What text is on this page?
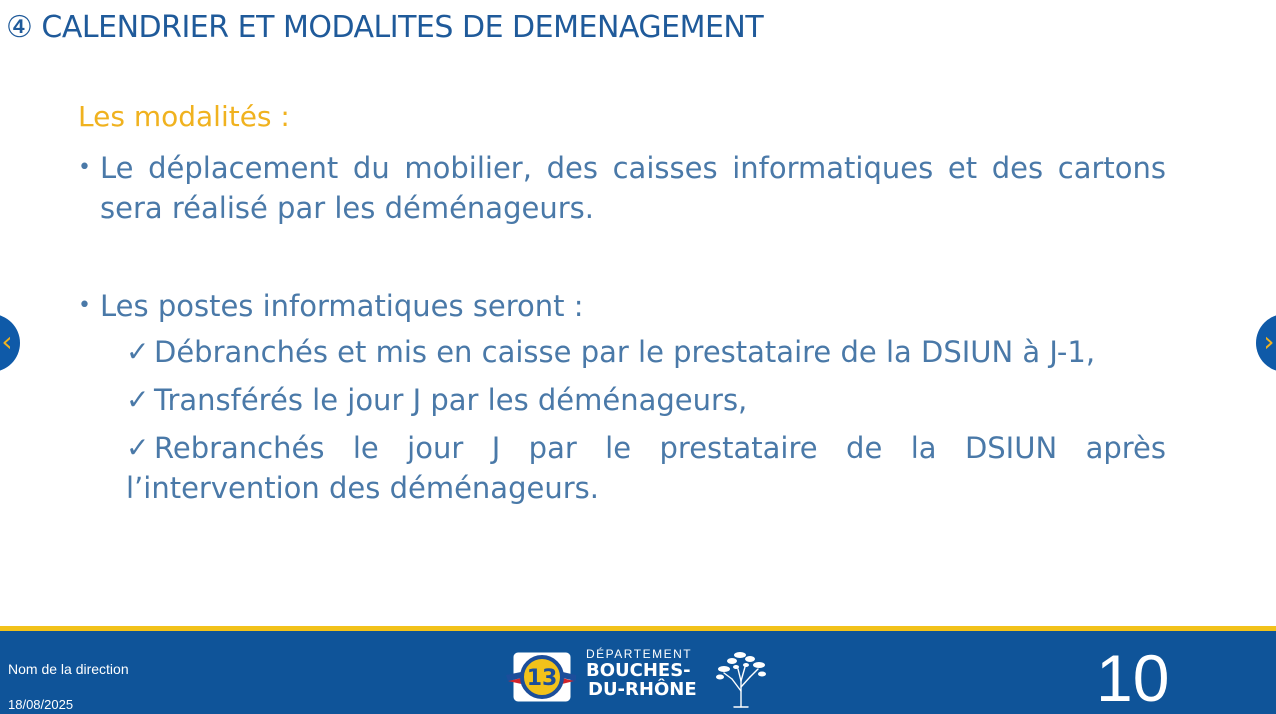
④ CALENDRIER ET MODALITES DE DEMENAGEMENT
Les modalités :
• Le déplacement du mobilier, des caisses informatiques et des cartons sera réalisé par les déménageurs.
• Les postes informatiques seront :
✓ Débranchés et mis en caisse par le prestataire de la DSIUN à J-1,
✓ Transférés le jour J par les déménageurs,
✓ Rebranchés le jour J par le prestataire de la DSIUN après l’intervention des déménageurs.
‹	›
Nom de la direction
18/08/2025
13
DÉPARTEMENT
BOUCHES-
DU-RHÔNE	10
